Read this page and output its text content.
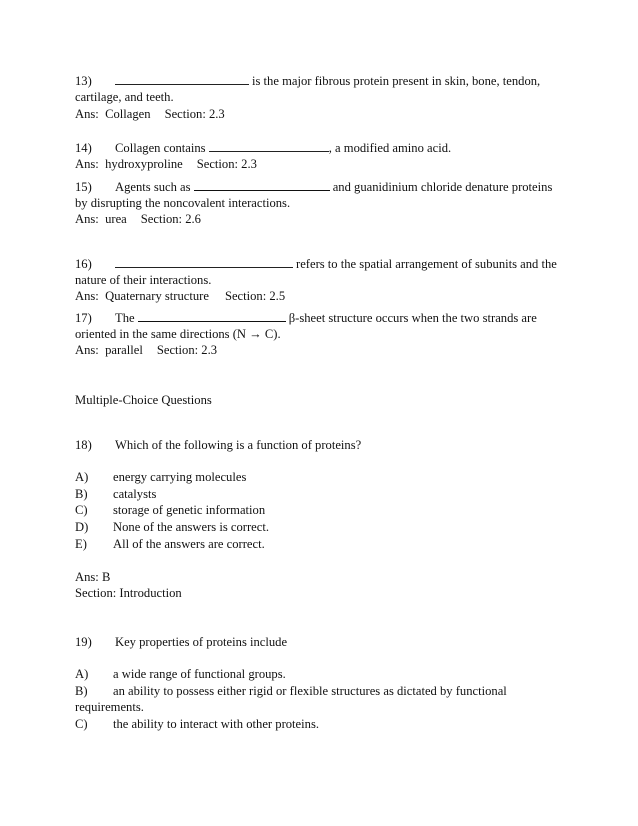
13)	is the major fibrous protein present in skin, bone, tendon,
cartilage, and teeth.
Ans: Collagen Section: 2.3
14) Collagen contains	, a modified amino acid.
Ans: hydroxyproline Section: 2.3
15) Agents such as	and guanidinium chloride denature proteins
by disrupting the noncovalent interactions.
Ans: urea Section: 2.6
16)	refers to the spatial arrangement of subunits and the
nature of their interactions.
Ans: Quaternary structure Section: 2.5
17) The	β-sheet structure occurs when the two strands are
oriented in the same directions (N → C).
Ans: parallel Section: 2.3
Multiple-Choice Questions
18) Which of the following is a function of proteins?
A) energy carrying molecules
B) catalysts
C) storage of genetic information
D) None of the answers is correct.
E) All of the answers are correct.
Ans: B
Section: Introduction
19) Key properties of proteins include
A) a wide range of functional groups.
B) an ability to possess either rigid or flexible structures as dictated by functional
requirements.
C) the ability to interact with other proteins.
